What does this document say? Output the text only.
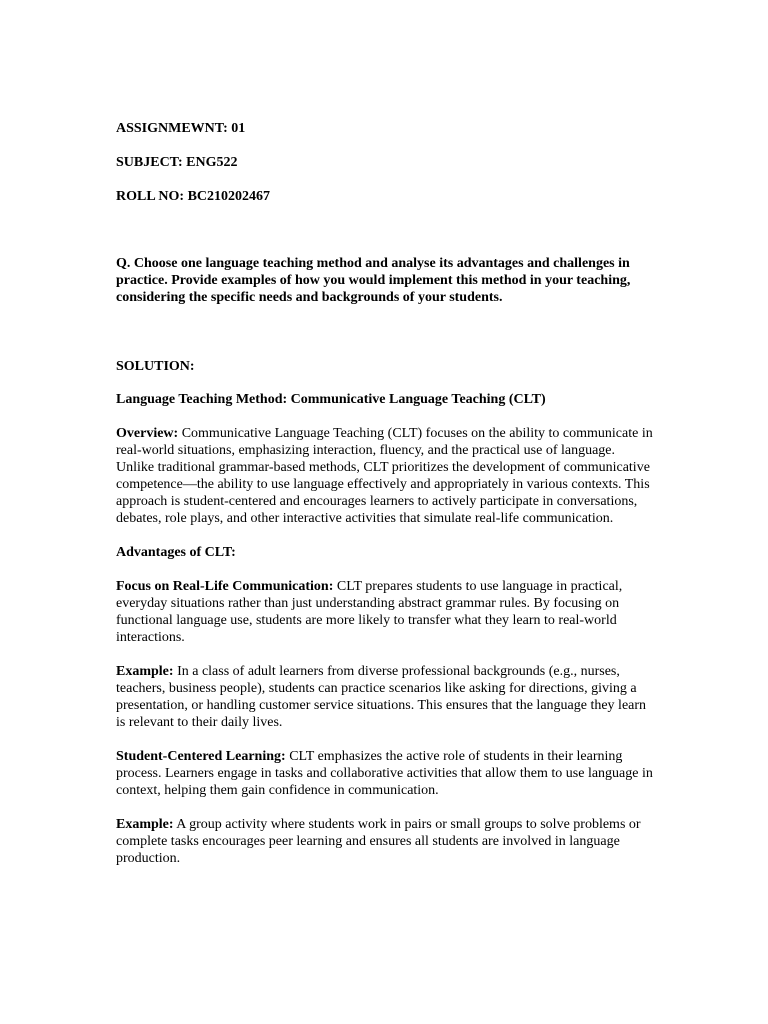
ASSIGNMEWNT: 01

SUBJECT: ENG522

ROLL NO: BC210202467

Q. Choose one language teaching method and analyse its advantages and challenges in practice. Provide examples of how you would implement this method in your teaching, considering the specific needs and backgrounds of your students.

SOLUTION:

Language Teaching Method: Communicative Language Teaching (CLT)

Overview: Communicative Language Teaching (CLT) focuses on the ability to communicate in real-world situations, emphasizing interaction, fluency, and the practical use of language. Unlike traditional grammar-based methods, CLT prioritizes the development of communicative competence—the ability to use language effectively and appropriately in various contexts. This approach is student-centered and encourages learners to actively participate in conversations, debates, role plays, and other interactive activities that simulate real-life communication.

Advantages of CLT:

Focus on Real-Life Communication: CLT prepares students to use language in practical, everyday situations rather than just understanding abstract grammar rules. By focusing on functional language use, students are more likely to transfer what they learn to real-world interactions.

Example: In a class of adult learners from diverse professional backgrounds (e.g., nurses, teachers, business people), students can practice scenarios like asking for directions, giving a presentation, or handling customer service situations. This ensures that the language they learn is relevant to their daily lives.

Student-Centered Learning: CLT emphasizes the active role of students in their learning process. Learners engage in tasks and collaborative activities that allow them to use language in context, helping them gain confidence in communication.

Example: A group activity where students work in pairs or small groups to solve problems or complete tasks encourages peer learning and ensures all students are involved in language production.
